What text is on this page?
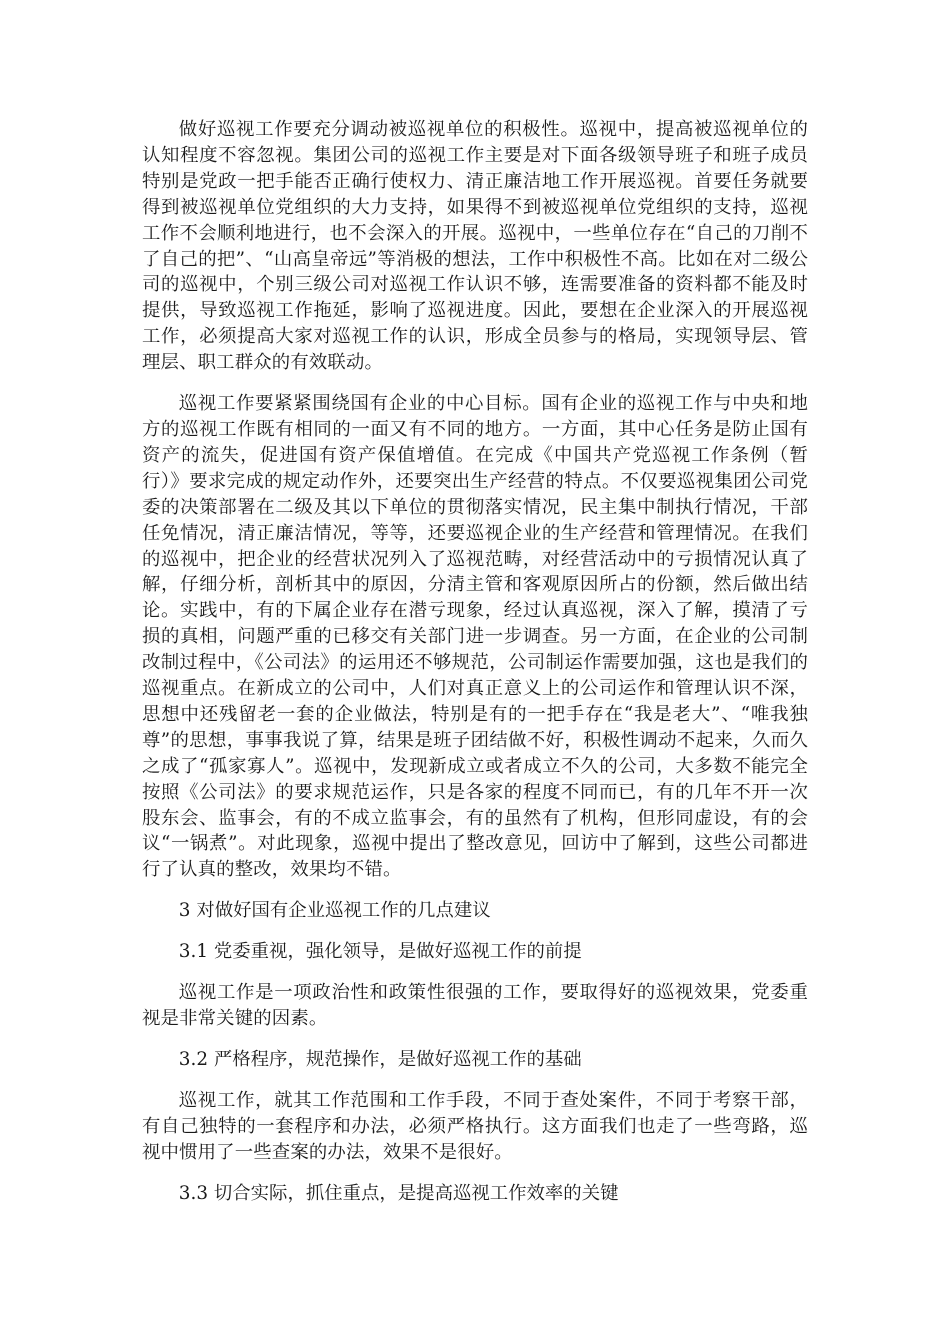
做好巡视工作要充分调动被巡视单位的积极性。巡视中，提高被巡视单位的认知程度不容忽视。集团公司的巡视工作主要是对下面各级领导班子和班子成员特别是党政一把手能否正确行使权力、清正廉洁地工作开展巡视。首要任务就要得到被巡视单位党组织的大力支持，如果得不到被巡视单位党组织的支持，巡视工作不会顺利地进行，也不会深入的开展。巡视中，一些单位存在“自己的刀削不了自己的把”、“山高皇帝远”等消极的想法，工作中积极性不高。比如在对二级公司的巡视中，个别三级公司对巡视工作认识不够，连需要准备的资料都不能及时提供，导致巡视工作拖延，影响了巡视进度。因此，要想在企业深入的开展巡视工作，必须提高大家对巡视工作的认识，形成全员参与的格局，实现领导层、管理层、职工群众的有效联动。

巡视工作要紧紧围绕国有企业的中心目标。国有企业的巡视工作与中央和地方的巡视工作既有相同的一面又有不同的地方。一方面，其中心任务是防止国有资产的流失，促进国有资产保值增值。在完成《中国共产党巡视工作条例（暂行）》要求完成的规定动作外，还要突出生产经营的特点。不仅要巡视集团公司党委的决策部署在二级及其以下单位的贯彻落实情况，民主集中制执行情况，干部任免情况，清正廉洁情况，等等，还要巡视企业的生产经营和管理情况。在我们的巡视中，把企业的经营状况列入了巡视范畴，对经营活动中的亏损情况认真了解，仔细分析，剖析其中的原因，分清主管和客观原因所占的份额，然后做出结论。实践中，有的下属企业存在潜亏现象，经过认真巡视，深入了解，摸清了亏损的真相，问题严重的已移交有关部门进一步调查。另一方面，在企业的公司制改制过程中，《公司法》的运用还不够规范，公司制运作需要加强，这也是我们的巡视重点。在新成立的公司中，人们对真正意义上的公司运作和管理认识不深，思想中还残留老一套的企业做法，特别是有的一把手存在“我是老大”、“唯我独尊”的思想，事事我说了算，结果是班子团结做不好，积极性调动不起来，久而久之成了“孤家寡人”。巡视中，发现新成立或者成立不久的公司，大多数不能完全按照《公司法》的要求规范运作，只是各家的程度不同而已，有的几年不开一次股东会、监事会，有的不成立监事会，有的虽然有了机构，但形同虚设，有的会议“一锅煮”。对此现象，巡视中提出了整改意见，回访中了解到，这些公司都进行了认真的整改，效果均不错。

3 对做好国有企业巡视工作的几点建议

3.1 党委重视，强化领导，是做好巡视工作的前提

巡视工作是一项政治性和政策性很强的工作，要取得好的巡视效果，党委重视是非常关键的因素。

3.2 严格程序，规范操作，是做好巡视工作的基础

巡视工作，就其工作范围和工作手段，不同于查处案件，不同于考察干部，有自己独特的一套程序和办法，必须严格执行。这方面我们也走了一些弯路，巡视中惯用了一些查案的办法，效果不是很好。

3.3 切合实际，抓住重点，是提高巡视工作效率的关键
